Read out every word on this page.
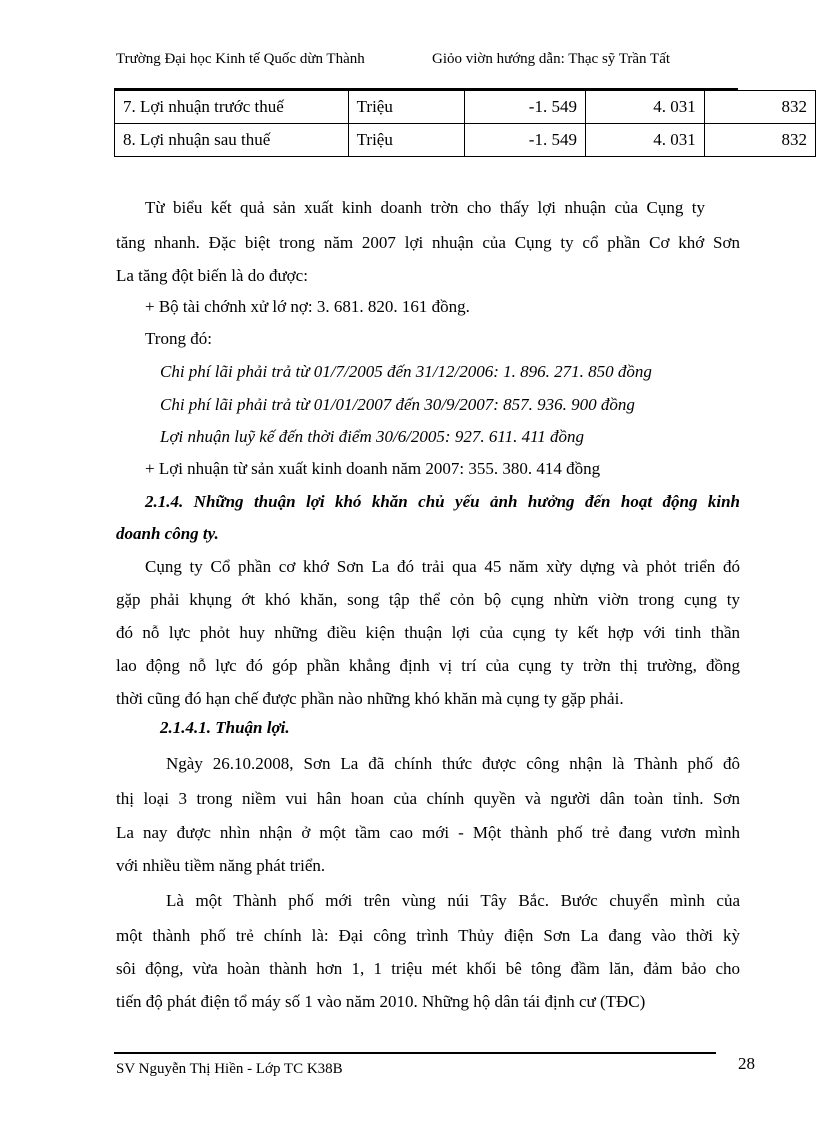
Trường Đại học Kinh tế Quốc dừn Thành	Giỏo viờn hướng dẫn: Thạc sỹ Trần Tất
7. Lợi nhuận trước thuế	Triệu	-1. 549	4. 031	832
8. Lợi nhuận sau thuế	Triệu	-1. 549	4. 031	832
Từ biểu kết quả sản xuất kinh doanh trờn cho thấy lợi nhuận của Cụng ty
tăng nhanh. Đặc biệt trong năm 2007 lợi nhuận của Cụng ty cổ phần Cơ khớ Sơn
La tăng đột biến là do được:
+ Bộ tài chớnh xử lớ nợ: 3. 681. 820. 161 đồng.
Trong đó:
Chi phí lãi phải trả từ 01/7/2005 đến 31/12/2006: 1. 896. 271. 850 đồng
Chi phí lãi phải trả từ 01/01/2007 đến 30/9/2007: 857. 936. 900 đồng
Lợi nhuận luỹ kế đến thời điểm 30/6/2005: 927. 611. 411 đồng
+ Lợi nhuận từ sản xuất kinh doanh năm 2007: 355. 380. 414 đồng
2.1.4. Những thuận lợi khó khăn chủ yếu ảnh hưởng đến hoạt động kinh
doanh công ty.
Cụng ty Cổ phần cơ khớ Sơn La đó trải qua 45 năm xừy dựng và phỏt triển đó
gặp phải khụng ớt khó khăn, song tập thể cỏn bộ cụng nhừn viờn trong cụng ty
đó nỗ lực phỏt huy những điều kiện thuận lợi của cụng ty kết hợp với tinh thần
lao động nỗ lực đó góp phần khẳng định vị trí của cụng ty trờn thị trường, đồng
thời cũng đó hạn chế được phần nào những khó khăn mà cụng ty gặp phải.
2.1.4.1. Thuận lợi.
Ngày 26.10.2008, Sơn La đã chính thức được công nhận là Thành phố đô
thị loại 3 trong niềm vui hân hoan của chính quyền và người dân toàn tỉnh. Sơn
La nay được nhìn nhận ở một tầm cao mới - Một thành phố trẻ đang vươn mình
với nhiều tiềm năng phát triển.
Là một Thành phố mới trên vùng núi Tây Bắc. Bước chuyển mình của
một thành phố trẻ chính là: Đại công trình Thủy điện Sơn La đang vào thời kỳ
sôi động, vừa hoàn thành hơn 1, 1 triệu mét khối bê tông đầm lăn, đảm bảo cho
tiến độ phát điện tổ máy số 1 vào năm 2010. Những hộ dân tái định cư (TĐC)
SV Nguyễn Thị Hiền - Lớp TC K38B	28
